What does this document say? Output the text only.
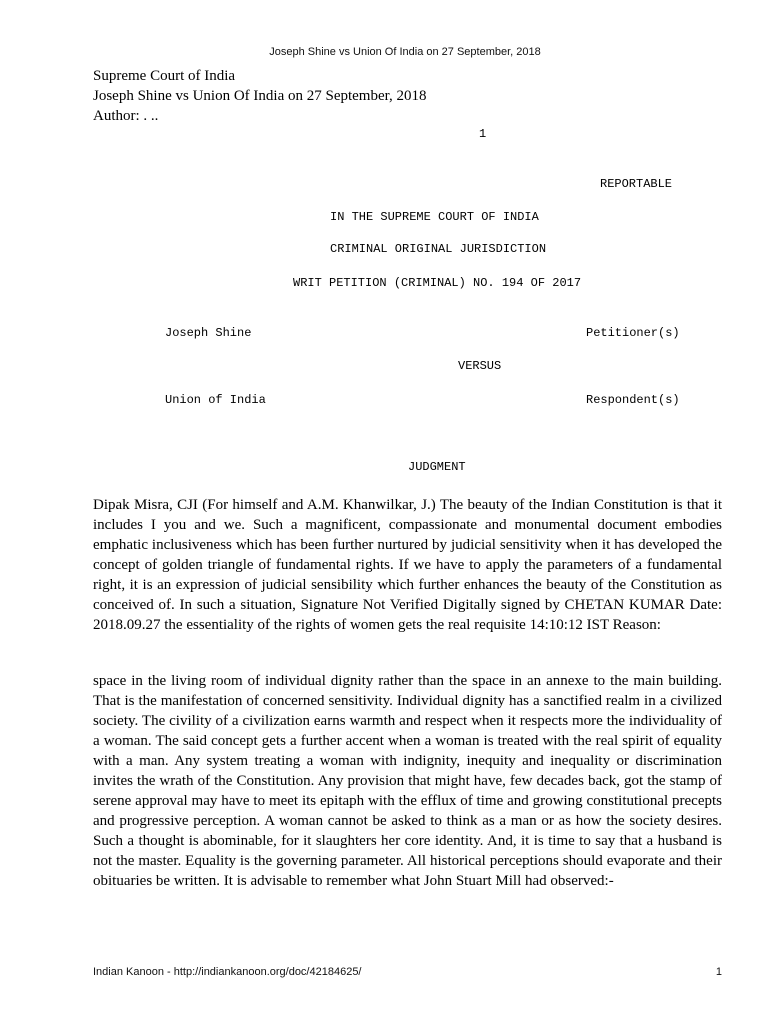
Joseph Shine vs Union Of India on 27 September, 2018
Supreme Court of India
Joseph Shine vs Union Of India on 27 September, 2018
Author: . ..
1
REPORTABLE
IN THE SUPREME COURT OF INDIA
CRIMINAL ORIGINAL JURISDICTION
WRIT PETITION (CRIMINAL) NO. 194 OF 2017
Joseph Shine	Petitioner(s)
VERSUS
Union of India	Respondent(s)
JUDGMENT

Dipak Misra, CJI (For himself and A.M. Khanwilkar, J.) The beauty of the Indian Constitution is that it includes I you and we. Such a magnificent, compassionate and monumental document embodies emphatic inclusiveness which has been further nurtured by judicial sensitivity when it has developed the concept of golden triangle of fundamental rights. If we have to apply the parameters of a fundamental right, it is an expression of judicial sensibility which further enhances the beauty of the Constitution as conceived of. In such a situation, Signature Not Verified Digitally signed by CHETAN KUMAR Date: 2018.09.27 the essentiality of the rights of women gets the real requisite 14:10:12 IST Reason:

space in the living room of individual dignity rather than the space in an annexe to the main building. That is the manifestation of concerned sensitivity. Individual dignity has a sanctified realm in a civilized society. The civility of a civilization earns warmth and respect when it respects more the individuality of a woman. The said concept gets a further accent when a woman is treated with the real spirit of equality with a man. Any system treating a woman with indignity, inequity and inequality or discrimination invites the wrath of the Constitution. Any provision that might have, few decades back, got the stamp of serene approval may have to meet its epitaph with the efflux of time and growing constitutional precepts and progressive perception. A woman cannot be asked to think as a man or as how the society desires. Such a thought is abominable, for it slaughters her core identity. And, it is time to say that a husband is not the master. Equality is the governing parameter. All historical perceptions should evaporate and their obituaries be written. It is advisable to remember what John Stuart Mill had observed:-

Indian Kanoon - http://indiankanoon.org/doc/42184625/	1
